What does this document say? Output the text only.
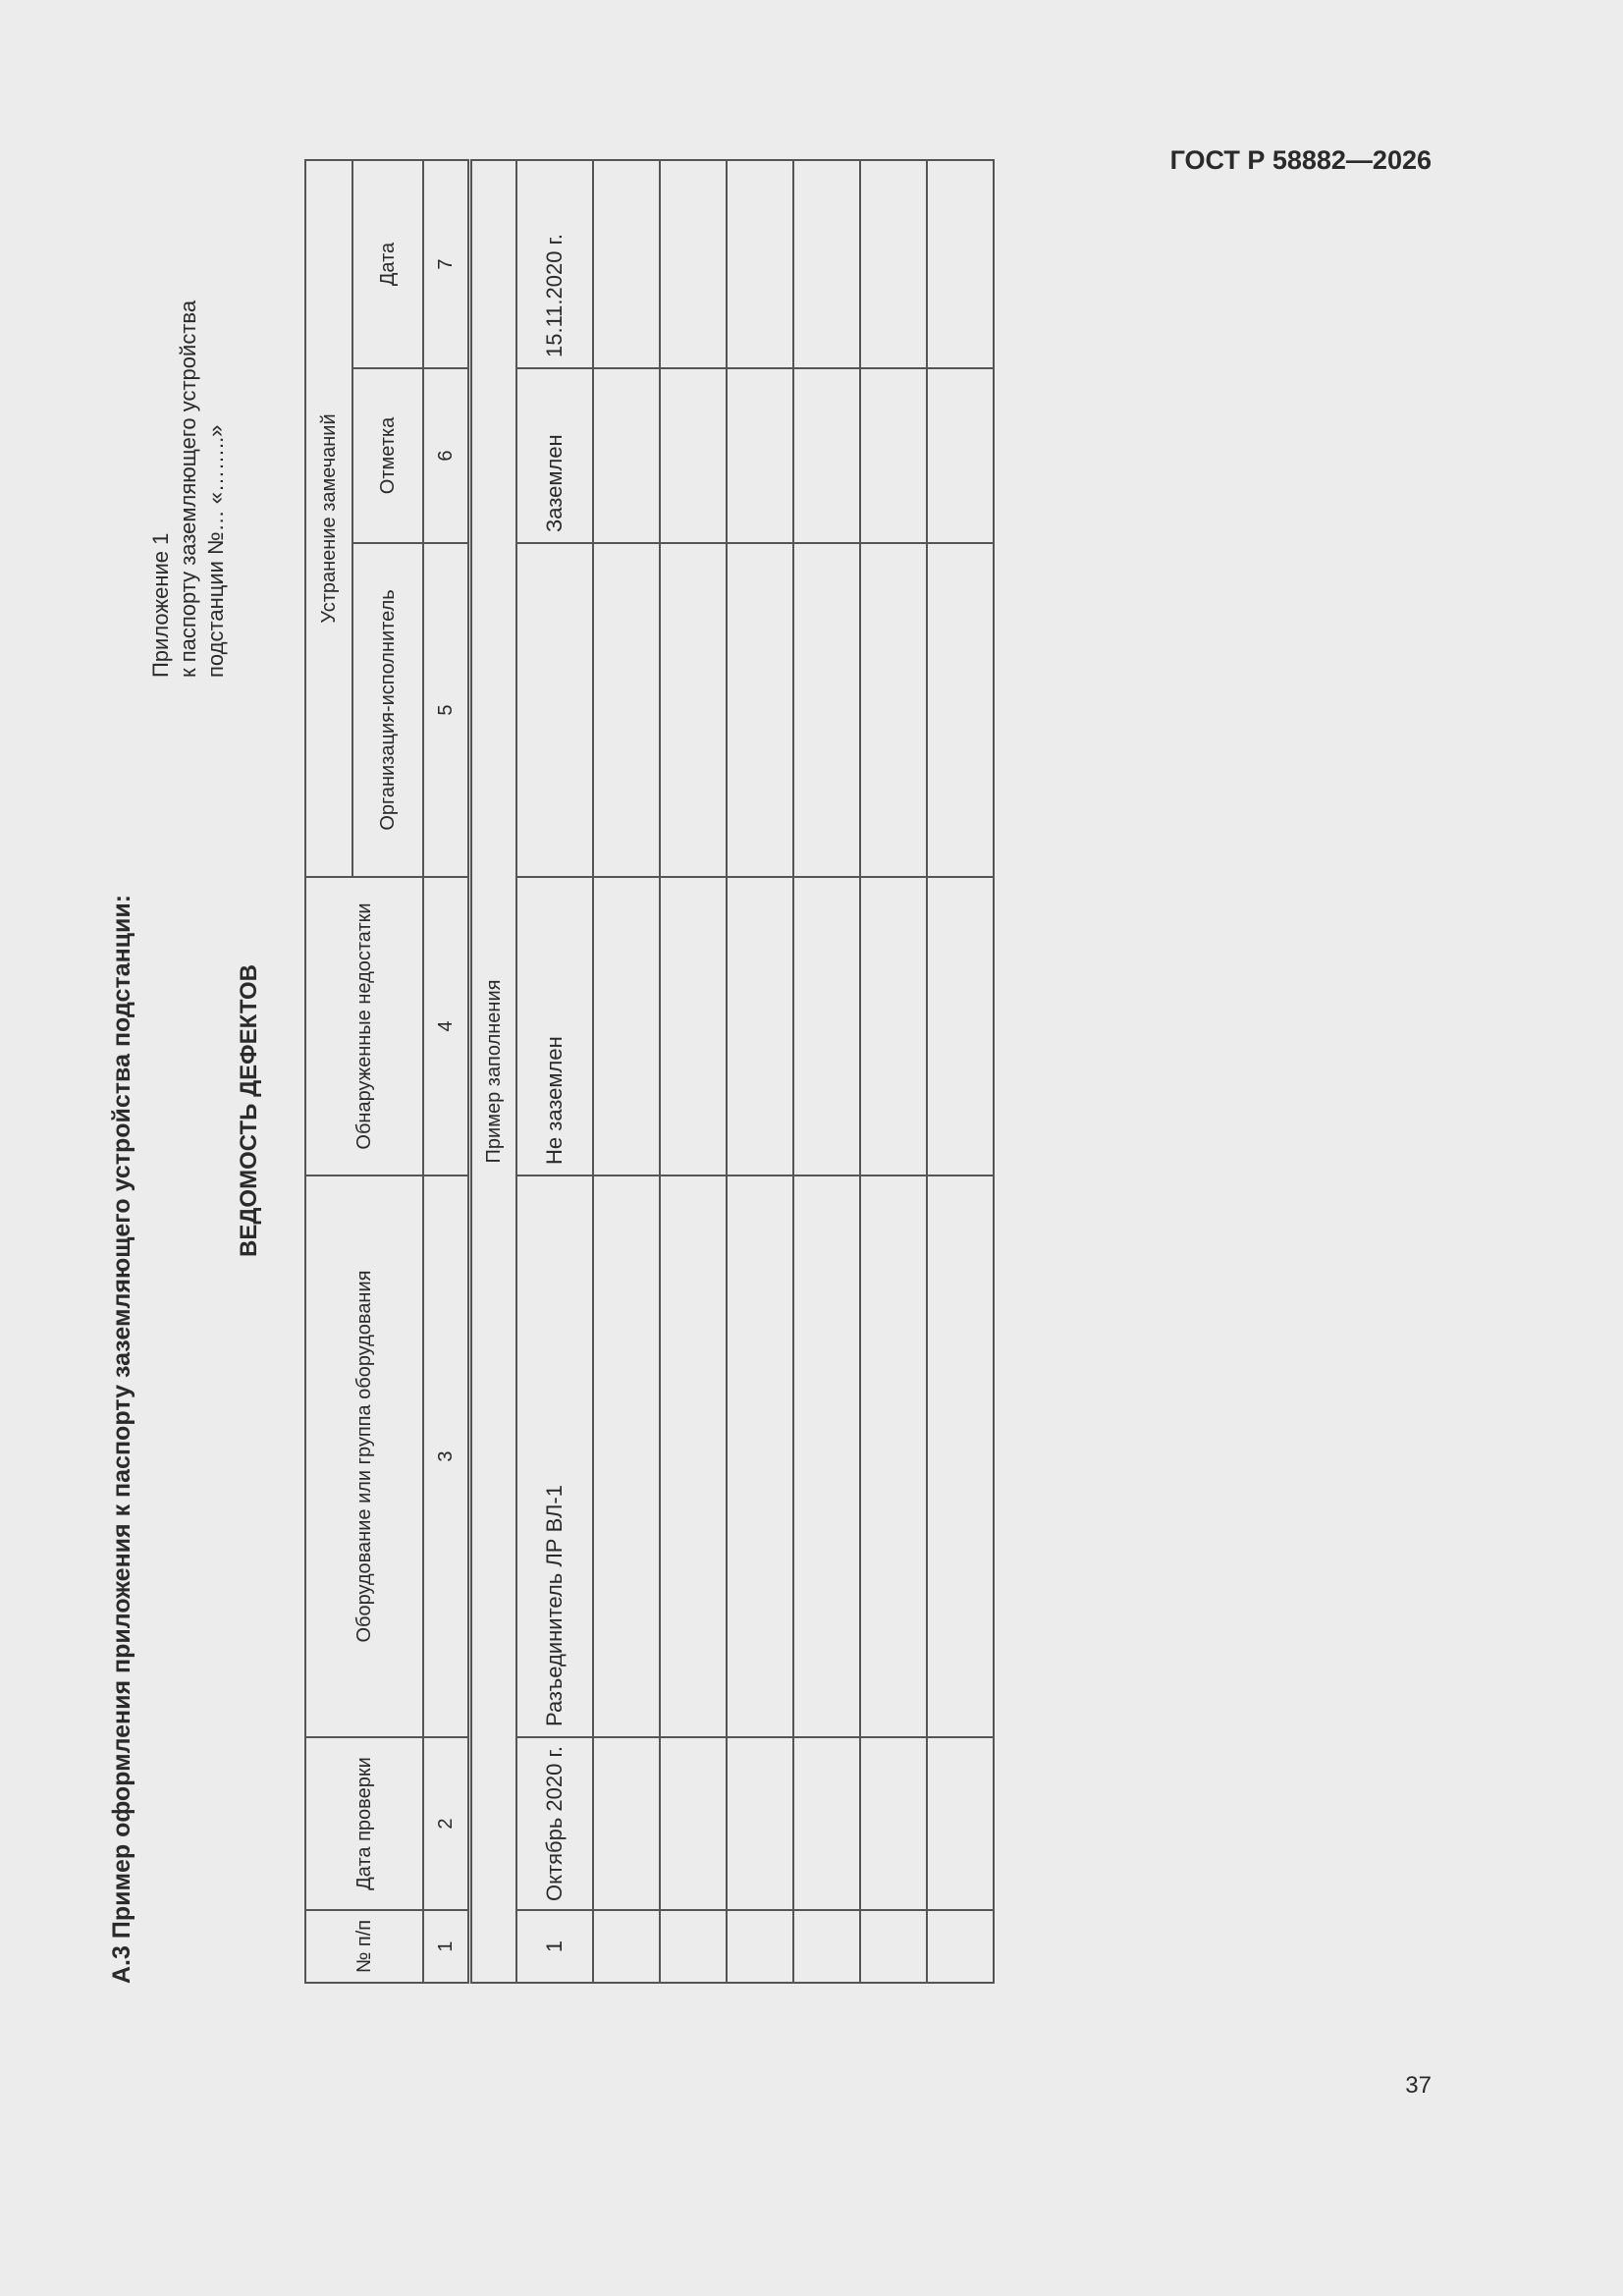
ГОСТ Р 58882—2026
А.3 Пример оформления приложения к паспорту заземляющего устройства подстанции:
Приложение 1 к паспорту заземляющего устройства подстанции №… «……..»
ВЕДОМОСТЬ ДЕФЕКТОВ
№ п/п	Дата проверки	Оборудование или группа оборудования	Обнаруженные недостатки	Устранение замечаний		
				Организация-исполнитель	Отметка	Дата
1	2	3	4	5	6	7
Пример заполнения						
1	Октябрь 2020 г.	Разъединитель ЛР ВЛ-1	Не заземлен		Заземлен	15.11.2020 г.

37
